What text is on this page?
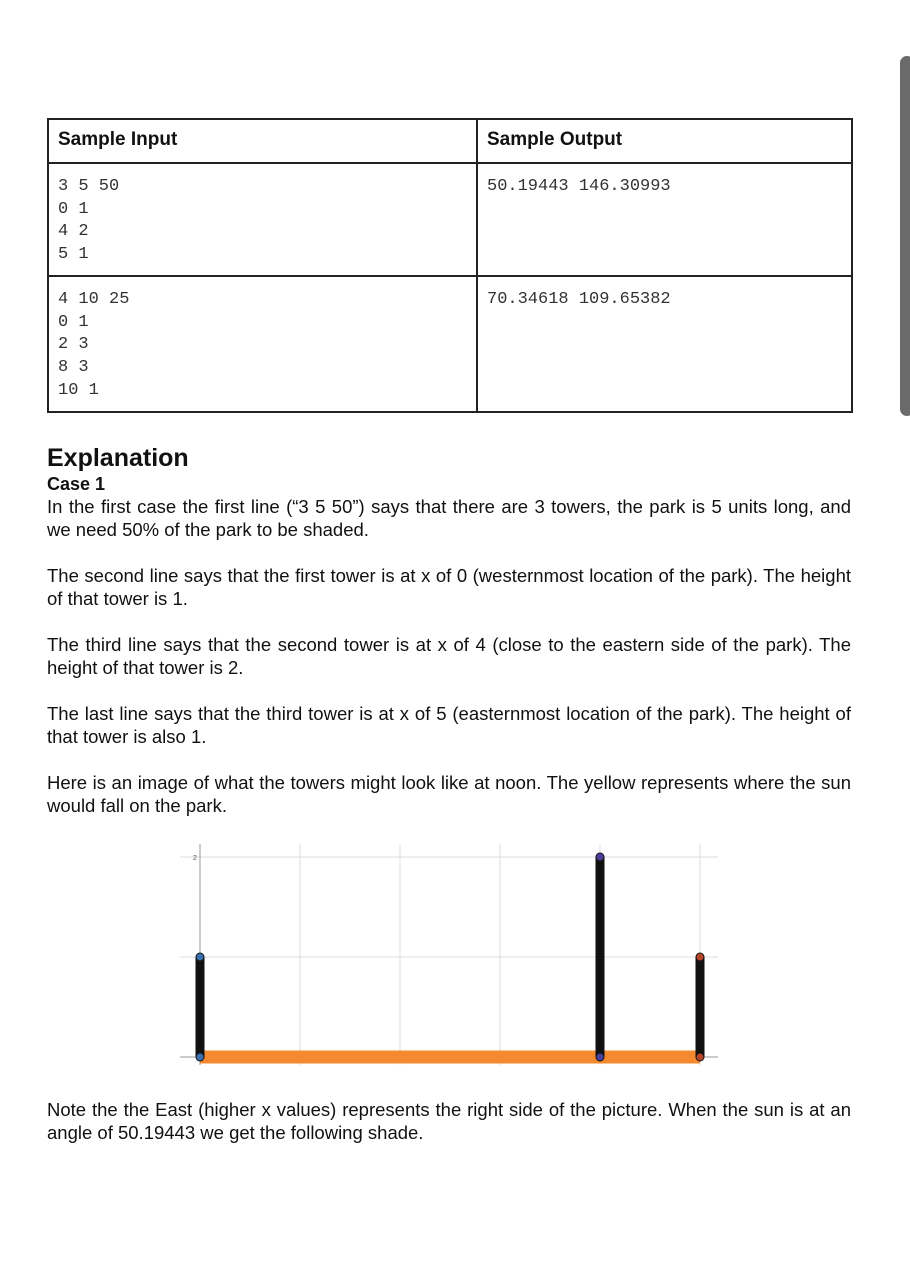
Sample Input	Sample Output

3 5 50
0 1
4 2
5 1	50.19443 146.30993

4 10 25
0 1
2 3
8 3
10 1	70.34618 109.65382
Explanation
Case 1

In the first case the first line (“3 5 50”) says that there are 3 towers, the park is 5 units long, and we need 50% of the park to be shaded.

The second line says that the first tower is at x of 0 (westernmost location of the park). The height of that tower is 1.

The third line says that the second tower is at x of 4 (close to the eastern side of the park). The height of that tower is 2.

The last line says that the third tower is at x of 5 (easternmost location of the park). The height of that tower is also 1.

Here is an image of what the towers might look like at noon. The yellow represents where the sun would fall on the park.

2

Note the the East (higher x values) represents the right side of the picture. When the sun is at an angle of 50.19443 we get the following shade.
